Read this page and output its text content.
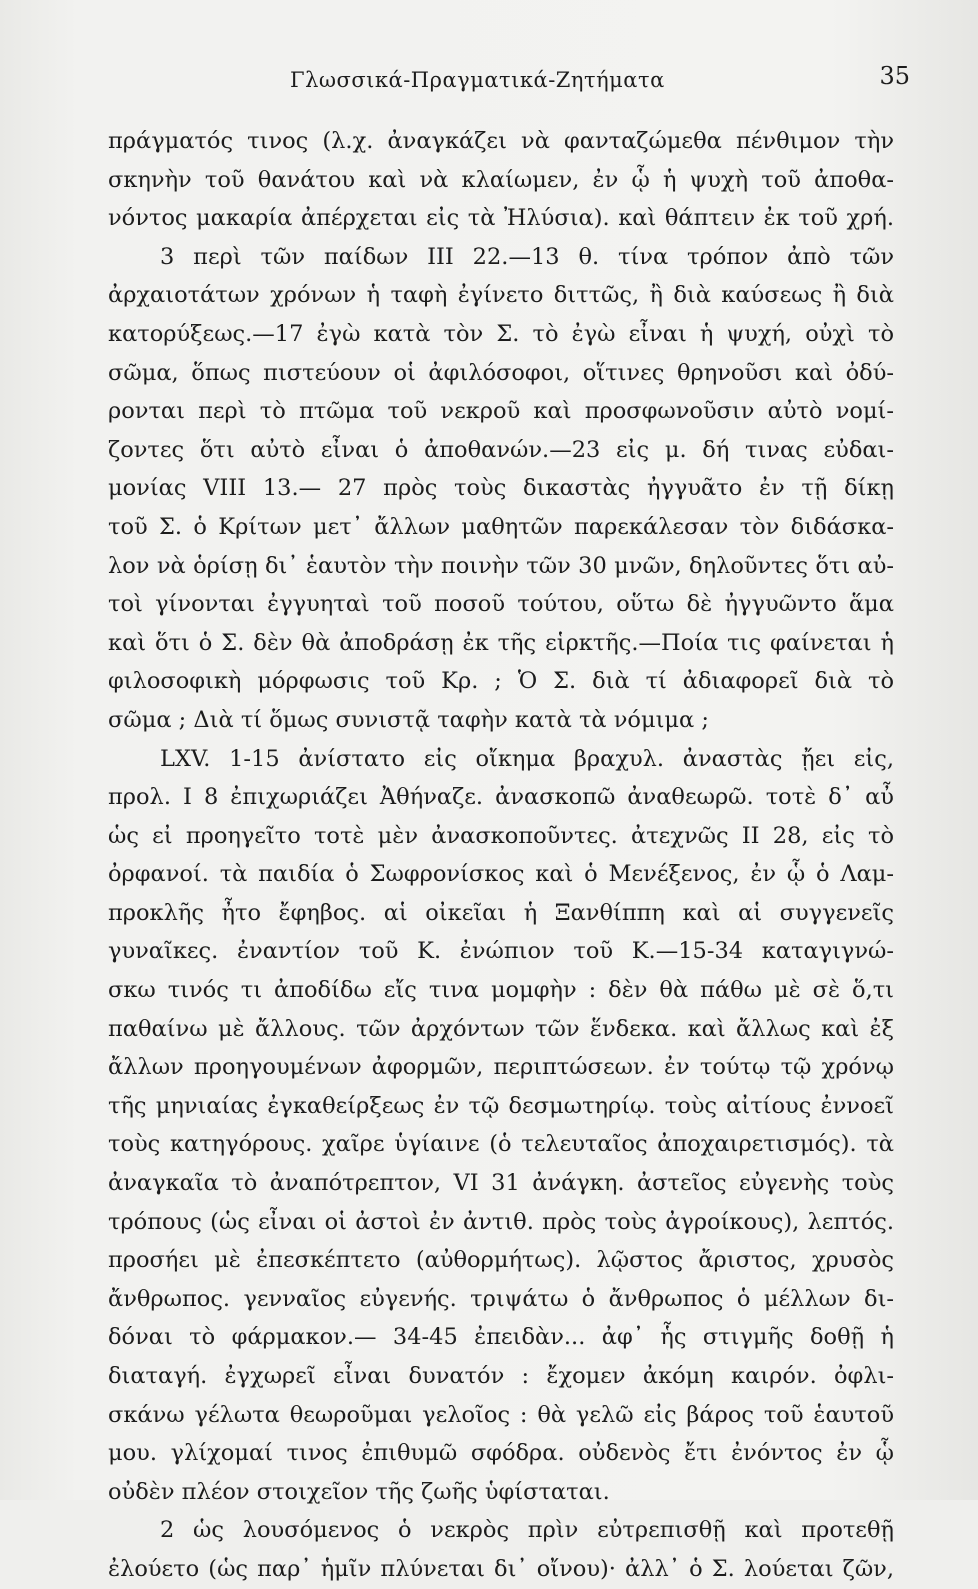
Γλωσσικά-Πραγματικά-Ζητήματα	35
πράγματός τινος (λ.χ. ἀναγκάζει νὰ φανταζώμεθα πένθιμον τὴν
σκηνὴν τοῦ θανάτου καὶ νὰ κλαίωμεν, ἐν ᾧ ἡ ψυχὴ τοῦ ἀποθα-
νόντος μακαρία ἀπέρχεται εἰς τὰ Ἠλύσια). καὶ θάπτειν ἐκ τοῦ χρή.
3 περὶ τῶν παίδων ΙΙΙ 22.—13 θ. τίνα τρόπον ἀπὸ τῶν
ἀρχαιοτάτων χρόνων ἡ ταφὴ ἐγίνετο διττῶς, ἢ διὰ καύσεως ἢ διὰ
κατορύξεως.—17 ἐγὼ κατὰ τὸν Σ. τὸ ἐγὼ εἶναι ἡ ψυχή, οὐχὶ τὸ
σῶμα, ὅπως πιστεύουν οἱ ἀφιλόσοφοι, οἵτινες θρηνοῦσι καὶ ὀδύ-
ρονται περὶ τὸ πτῶμα τοῦ νεκροῦ καὶ προσφωνοῦσιν αὐτὸ νομί-
ζοντες ὅτι αὐτὸ εἶναι ὁ ἀποθανών.—23 εἰς μ. δή τινας εὐδαι-
μονίας VIII 13.— 27 πρὸς τοὺς δικαστὰς ἠγγυᾶτο ἐν τῇ δίκῃ
τοῦ Σ. ὁ Κρίτων μετ᾿ ἄλλων μαθητῶν παρεκάλεσαν τὸν διδάσκα-
λον νὰ ὁρίσῃ δι᾿ ἑαυτὸν τὴν ποινὴν τῶν 30 μνῶν, δηλοῦντες ὅτι αὐ-
τοὶ γίνονται ἐγγυηταὶ τοῦ ποσοῦ τούτου, οὕτω δὲ ἠγγυῶντο ἅμα
καὶ ὅτι ὁ Σ. δὲν θὰ ἀποδράσῃ ἐκ τῆς εἱρκτῆς.—Ποία τις φαίνεται ἡ
φιλοσοφικὴ μόρφωσις τοῦ Κρ. ; Ὁ Σ. διὰ τί ἀδιαφορεῖ διὰ τὸ
σῶμα ; Διὰ τί ὅμως συνιστᾷ ταφὴν κατὰ τὰ νόμιμα ;
LXV. 1-15 ἀνίστατο εἰς οἴκημα βραχυλ. ἀναστὰς ᾔει εἰς,
προλ. Ι 8 ἐπιχωριάζει Ἀθήναζε. ἀνασκοπῶ ἀναθεωρῶ. τοτὲ δ᾿ αὖ
ὡς εἰ προηγεῖτο τοτὲ μὲν ἀνασκοποῦντες. ἀτεχνῶς ΙΙ 28, εἰς τὸ
ὀρφανοί. τὰ παιδία ὁ Σωφρονίσκος καὶ ὁ Μενέξενος, ἐν ᾧ ὁ Λαμ-
προκλῆς ἦτο ἔφηβος. αἱ οἰκεῖαι ἡ Ξανθίππη καὶ αἱ συγγενεῖς
γυναῖκες. ἐναντίον τοῦ Κ. ἐνώπιον τοῦ Κ.—15-34 καταγιγνώ-
σκω τινός τι ἀποδίδω εἴς τινα μομφὴν : δὲν θὰ πάθω μὲ σὲ ὅ,τι
παθαίνω μὲ ἄλλους. τῶν ἀρχόντων τῶν ἕνδεκα. καὶ ἄλλως καὶ ἐξ
ἄλλων προηγουμένων ἀφορμῶν, περιπτώσεων. ἐν τούτῳ τῷ χρόνῳ
τῆς μηνιαίας ἐγκαθείρξεως ἐν τῷ δεσμωτηρίῳ. τοὺς αἰτίους ἐννοεῖ
τοὺς κατηγόρους. χαῖρε ὑγίαινε (ὁ τελευταῖος ἀποχαιρετισμός). τὰ
ἀναγκαῖα τὸ ἀναπότρεπτον, VI 31 ἀνάγκη. ἀστεῖος εὐγενὴς τοὺς
τρόπους (ὡς εἶναι οἱ ἀστοὶ ἐν ἀντιθ. πρὸς τοὺς ἀγροίκους), λεπτός.
προσήει μὲ ἐπεσκέπτετο (αὐθορμήτως). λῷστος ἄριστος, χρυσὸς
ἄνθρωπος. γενναῖος εὐγενής. τριψάτω ὁ ἄνθρωπος ὁ μέλλων δι-
δόναι τὸ φάρμακον.— 34-45 ἐπειδὰν... ἀφ᾿ ἧς στιγμῆς δοθῇ ἡ
διαταγή. ἐγχωρεῖ εἶναι δυνατόν : ἔχομεν ἀκόμη καιρόν. ὀφλι-
σκάνω γέλωτα θεωροῦμαι γελοῖος : θὰ γελῶ εἰς βάρος τοῦ ἑαυτοῦ
μου. γλίχομαί τινος ἐπιθυμῶ σφόδρα. οὐδενὸς ἔτι ἐνόντος ἐν ᾧ
οὐδὲν πλέον στοιχεῖον τῆς ζωῆς ὑφίσταται.
2 ὡς λουσόμενος ὁ νεκρὸς πρὶν εὐτρεπισθῇ καὶ προτεθῇ
ἐλούετο (ὡς παρ᾿ ἡμῖν πλύνεται δι᾿ οἴνου)· ἀλλ᾿ ὁ Σ. λούεται ζῶν,
